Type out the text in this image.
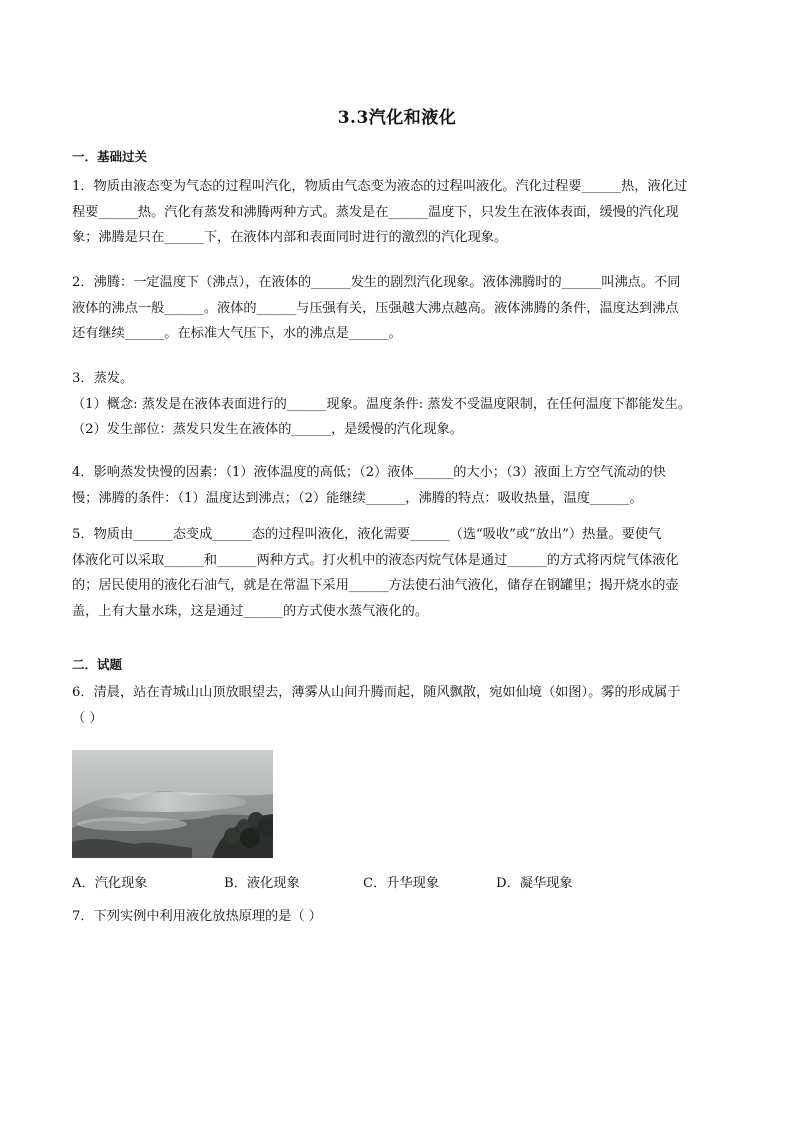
3.3汽化和液化
一．基础过关
1．物质由液态变为气态的过程叫汽化，物质由气态变为液态的过程叫液化。汽化过程要______热，液化过
程要______热。汽化有蒸发和沸腾两种方式。蒸发是在______温度下，只发生在液体表面，缓慢的汽化现
象；沸腾是只在______下，在液体内部和表面同时进行的激烈的汽化现象。
2．沸腾：一定温度下（沸点），在液体的______发生的剧烈汽化现象。液体沸腾时的______叫沸点。不同
液体的沸点一般______。液体的______与压强有关，压强越大沸点越高。液体沸腾的条件，温度达到沸点
还有继续______。在标准大气压下，水的沸点是______。
3．蒸发。
（1）概念: 蒸发是在液体表面进行的______现象。温度条件: 蒸发不受温度限制，在任何温度下都能发生。
（2）发生部位：蒸发只发生在液体的______，是缓慢的汽化现象。
4．影响蒸发快慢的因素：（1）液体温度的高低；（2）液体______的大小；（3）液面上方空气流动的快
慢；沸腾的条件：（1）温度达到沸点；（2）能继续______，沸腾的特点：吸收热量，温度______。
5．物质由______态变成______态的过程叫液化，液化需要______（选“吸收”或“放出”）热量。要使气
体液化可以采取______和______两种方式。打火机中的液态丙烷气体是通过______的方式将丙烷气体液化
的；居民使用的液化石油气，就是在常温下采用______方法使石油气液化，储存在钢罐里；揭开烧水的壶
盖，上有大量水珠，这是通过______的方式使水蒸气液化的。
二．试题
6．清晨，站在青城山山顶放眼望去，薄雾从山间升腾而起，随风飘散，宛如仙境（如图）。雾的形成属于
（ ）
A．汽化现象	B．液化现象	C．升华现象	D．凝华现象
7．下列实例中利用液化放热原理的是（ ）
